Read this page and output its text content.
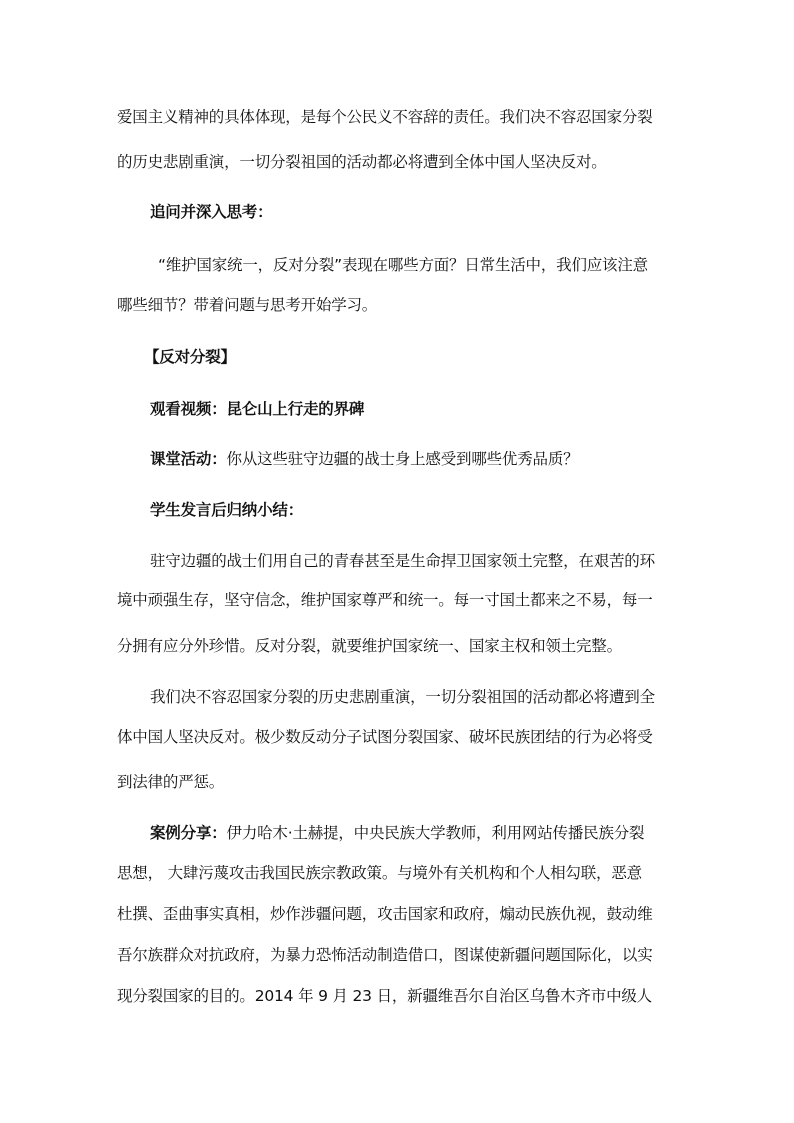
爱国主义精神的具体体现，是每个公民义不容辞的责任。我们决不容忍国家分裂
的历史悲剧重演，一切分裂祖国的活动都必将遭到全体中国人坚决反对。
追问并深入思考：
“维护国家统一，反对分裂”表现在哪些方面？日常生活中，我们应该注意
哪些细节？带着问题与思考开始学习。
【反对分裂】
观看视频：昆仑山上行走的界碑
课堂活动：你从这些驻守边疆的战士身上感受到哪些优秀品质？
学生发言后归纳小结：
驻守边疆的战士们用自己的青春甚至是生命捍卫国家领土完整，在艰苦的环
境中顽强生存，坚守信念，维护国家尊严和统一。每一寸国土都来之不易，每一
分拥有应分外珍惜。反对分裂，就要维护国家统一、国家主权和领土完整。
我们决不容忍国家分裂的历史悲剧重演，一切分裂祖国的活动都必将遭到全
体中国人坚决反对。极少数反动分子试图分裂国家、破坏民族团结的行为必将受
到法律的严惩。
案例分享：伊力哈木·土赫提，中央民族大学教师，利用网站传播民族分裂
思想， 大肆污蔑攻击我国民族宗教政策。与境外有关机构和个人相勾联，恶意
杜撰、歪曲事实真相，炒作涉疆问题，攻击国家和政府，煽动民族仇视，鼓动维
吾尔族群众对抗政府，为暴力恐怖活动制造借口，图谋使新疆问题国际化，以实
现分裂国家的目的。2014 年 9 月 23 日，新疆维吾尔自治区乌鲁木齐市中级人
